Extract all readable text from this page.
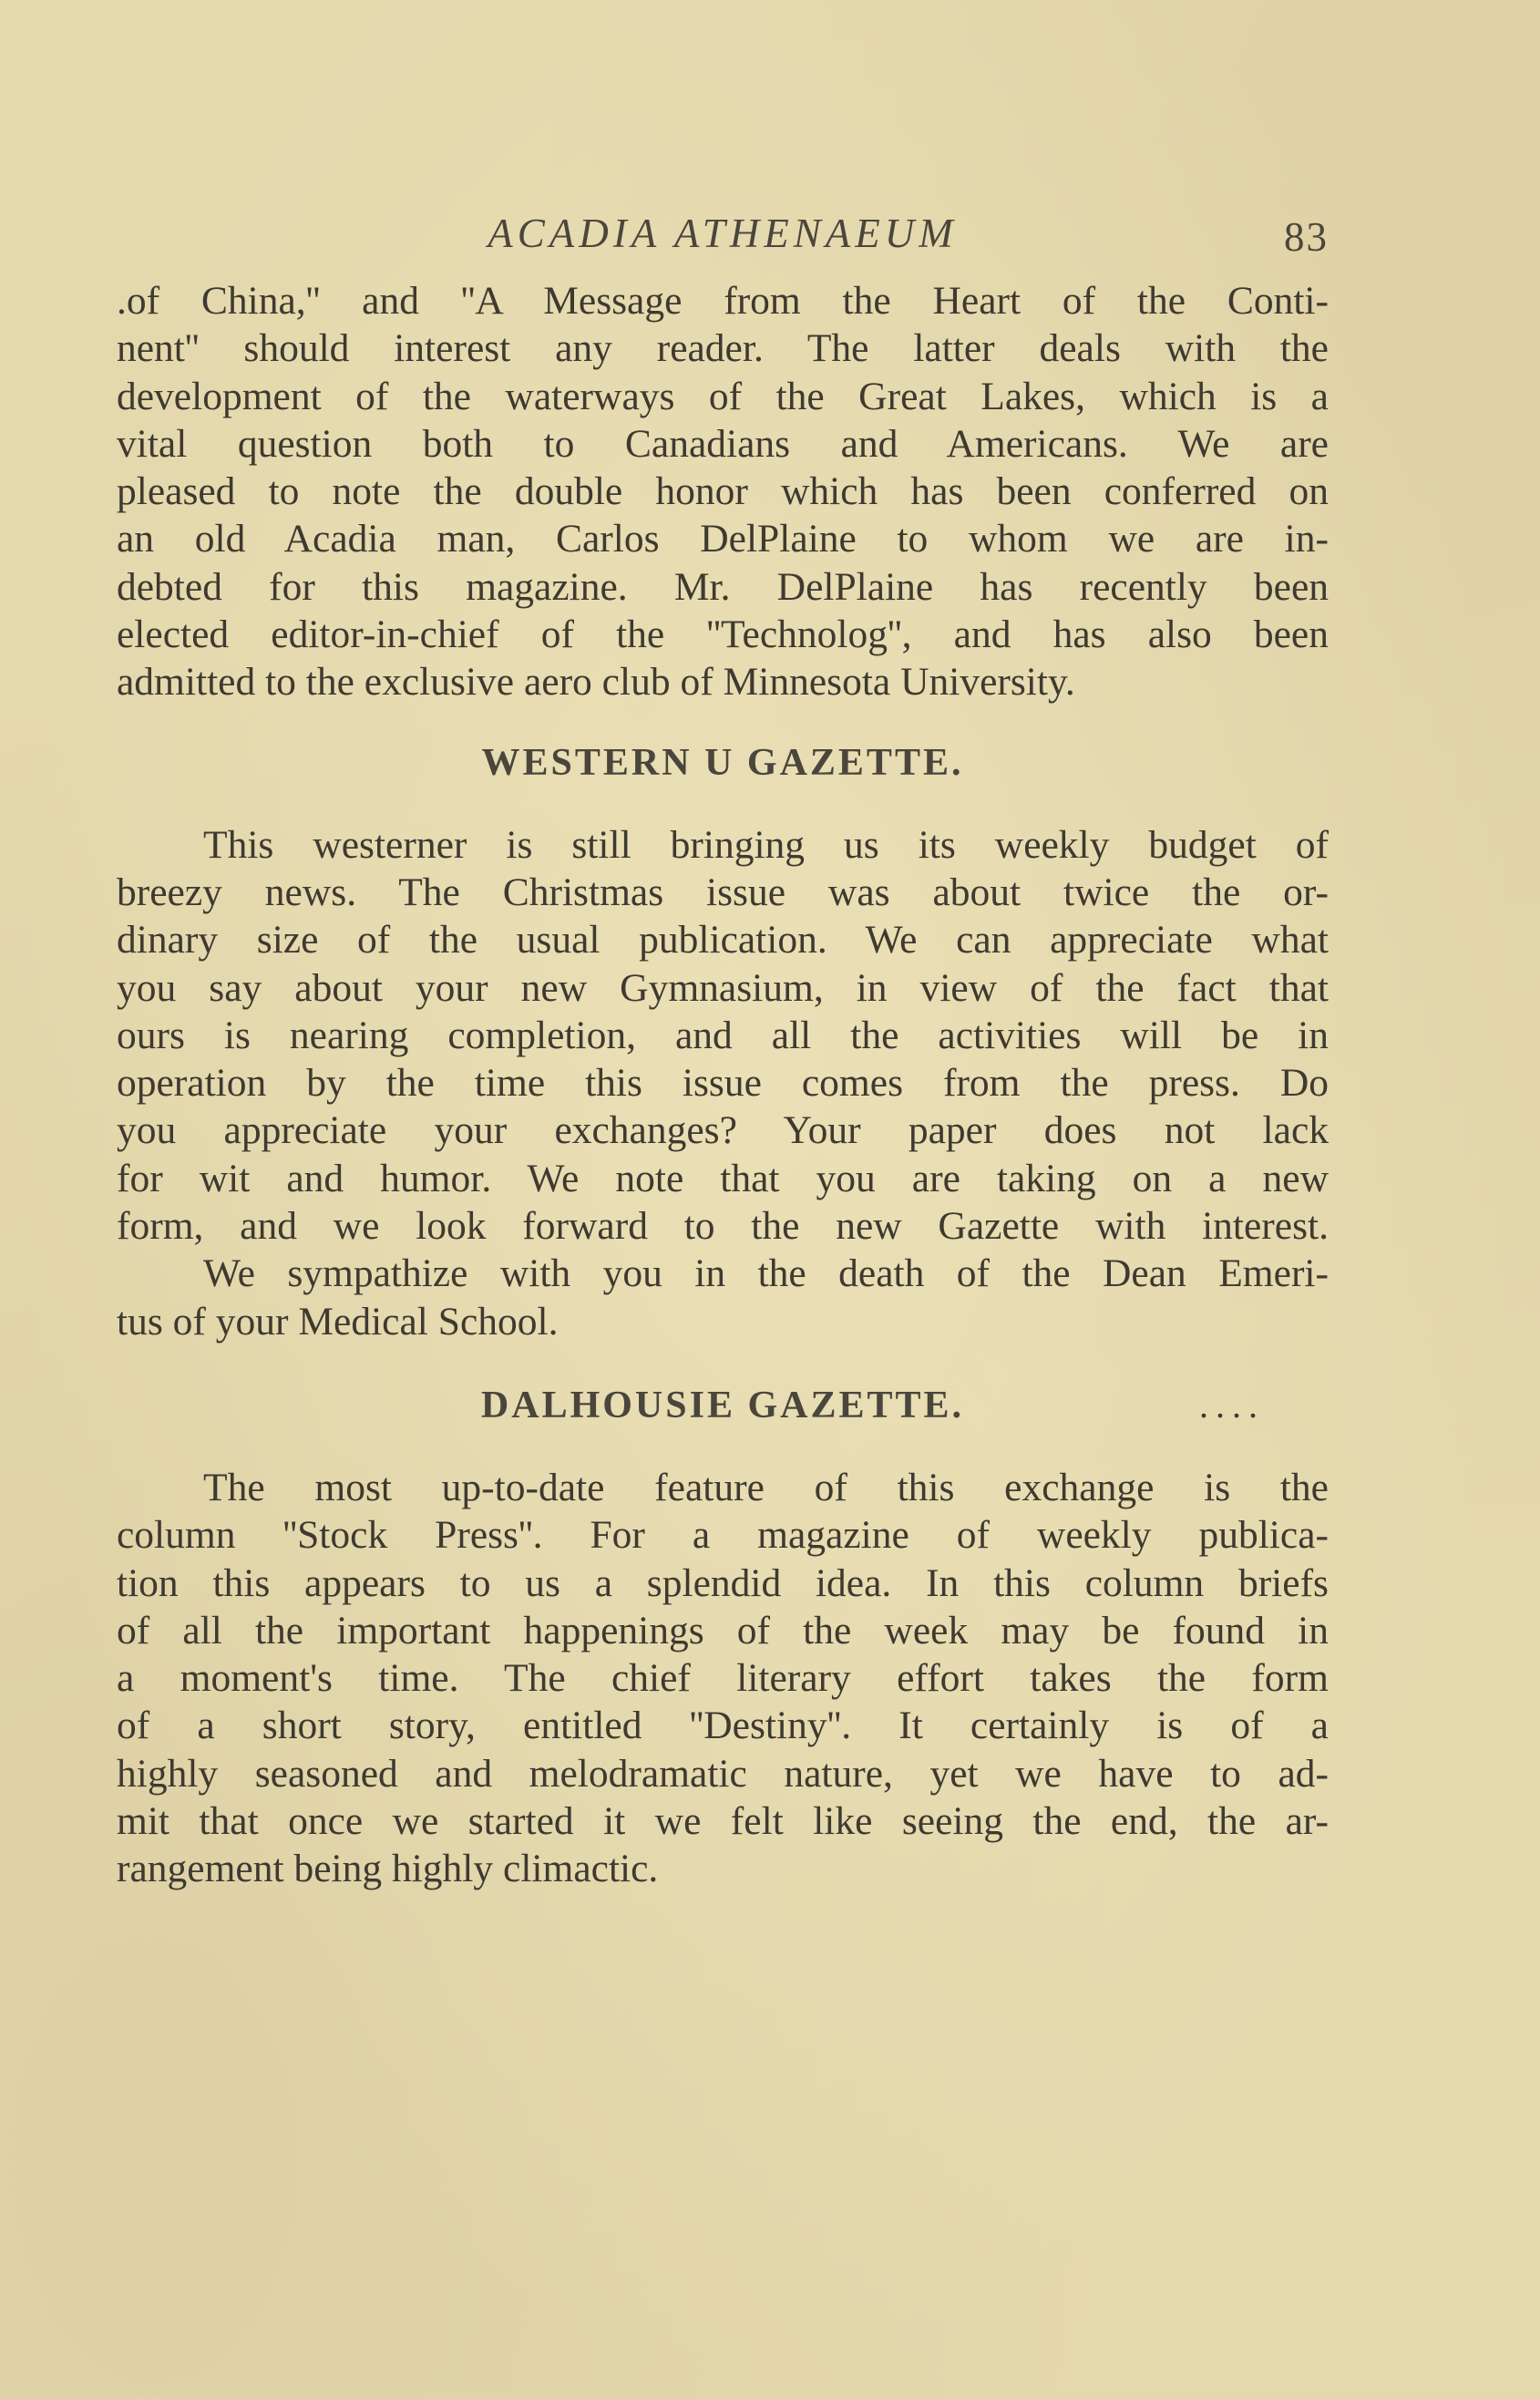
ACADIA ATHENAEUM	83

.of China,'' and ''A Message from the Heart of the Conti-
nent'' should interest any reader. The latter deals with the
development of the waterways of the Great Lakes, which is a
vital question both to Canadians and Americans. We are
pleased to note the double honor which has been conferred on
an old Acadia man, Carlos DelPlaine to whom we are in-
debted for this magazine. Mr. DelPlaine has recently been
elected editor-in-chief of the ''Technolog'', and has also been
admitted to the exclusive aero club of Minnesota University.

WESTERN U GAZETTE.

This westerner is still bringing us its weekly budget of
breezy news. The Christmas issue was about twice the or-
dinary size of the usual publication. We can appreciate what
you say about your new Gymnasium, in view of the fact that
ours is nearing completion, and all the activities will be in
operation by the time this issue comes from the press. Do
you appreciate your exchanges? Your paper does not lack
for wit and humor. We note that you are taking on a new
form, and we look forward to the new Gazette with interest.

We sympathize with you in the death of the Dean Emeri-
tus of your Medical School.

DALHOUSIE GAZETTE.	....

The most up-to-date feature of this exchange is the
column ''Stock Press''. For a magazine of weekly publica-
tion this appears to us a splendid idea. In this column briefs
of all the important happenings of the week may be found in
a moment's time. The chief literary effort takes the form
of a short story, entitled ''Destiny''. It certainly is of a
highly seasoned and melodramatic nature, yet we have to ad-
mit that once we started it we felt like seeing the end, the ar-
rangement being highly climactic.
